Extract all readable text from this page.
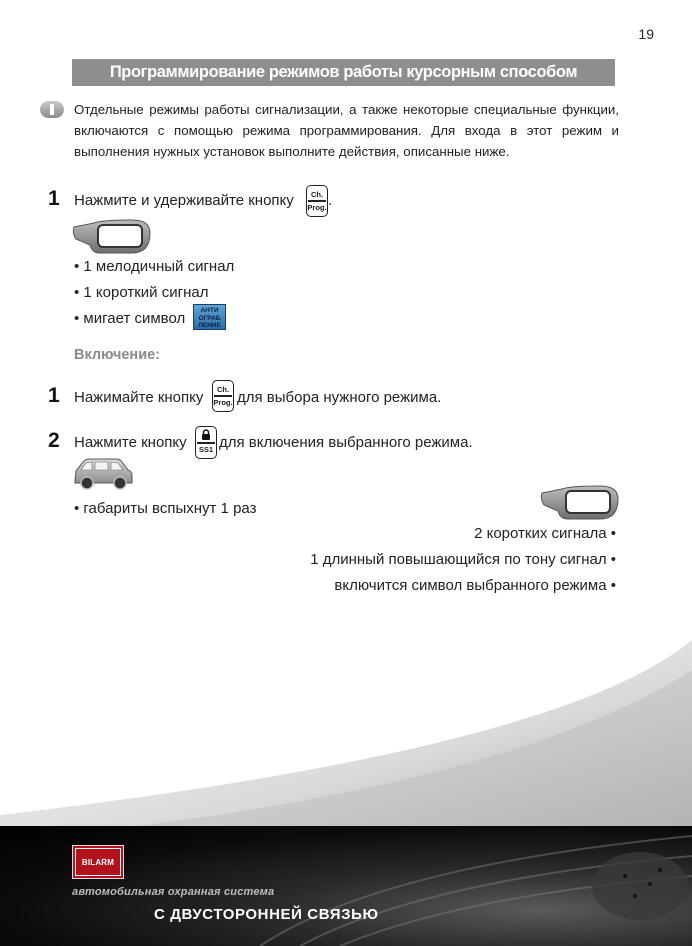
19
Программирование режимов работы курсорным способом
Отдельные режимы работы сигнализации, а также некоторые специальные функции, включаются с помощью режима программирования. Для входа в этот режим и выполнения нужных установок выполните действия, описанные ниже.
1 Нажмите и удерживайте кнопку	Ch.
Prog. .
• 1 мелодичный сигнал
• 1 короткий сигнал
• мигает символ	АНТИ
ОГРАБ
ЛЕНИЕ
Включение:
1 Нажимайте кнопку	Ch.
Prog. для выбора нужного режима.
2 Нажмите кнопку	SS1 для включения выбранного режима.
• габариты вспыхнут 1 раз
2 коротких сигнала •
1 длинный повышающийся по тону сигнал •
включится символ выбранного режима •
BILARM
автомобильная охранная система
С ДВУСТОРОННЕЙ СВЯЗЬЮ
